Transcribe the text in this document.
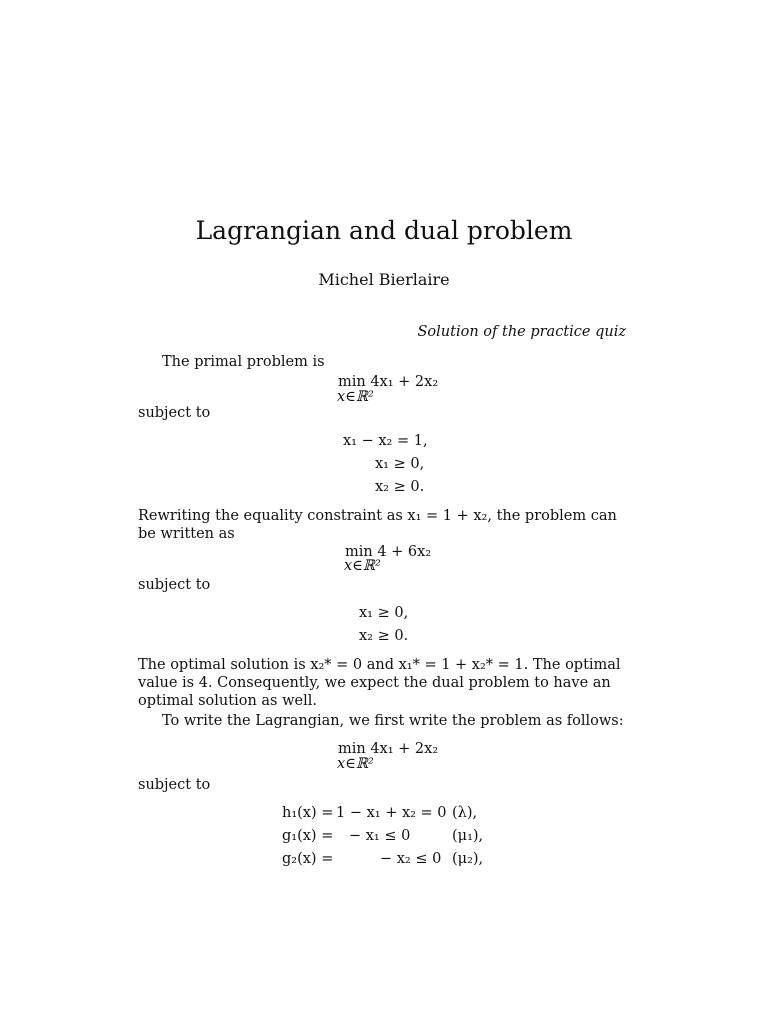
Lagrangian and dual problem
Michel Bierlaire
Solution of the practice quiz
The primal problem is
min 4x₁ + 2x₂
x∈ℝ²
subject to
x₁ − x₂ = 1,
x₁ ≥ 0,
x₂ ≥ 0.
Rewriting the equality constraint as x₁ = 1 + x₂, the problem can be written as
min 4 + 6x₂
x∈ℝ²
subject to
x₁ ≥ 0,
x₂ ≥ 0.
The optimal solution is x₂* = 0 and x₁* = 1 + x₂* = 1. The optimal value is 4. Consequently, we expect the dual problem to have an optimal solution as well.
To write the Lagrangian, we first write the problem as follows:
min 4x₁ + 2x₂
x∈ℝ²
subject to
h₁(x) = 1 − x₁ + x₂ = 0 (λ),
g₁(x) = − x₁ ≤ 0	(μ₁),
g₂(x) =	− x₂ ≤ 0 (μ₂),
